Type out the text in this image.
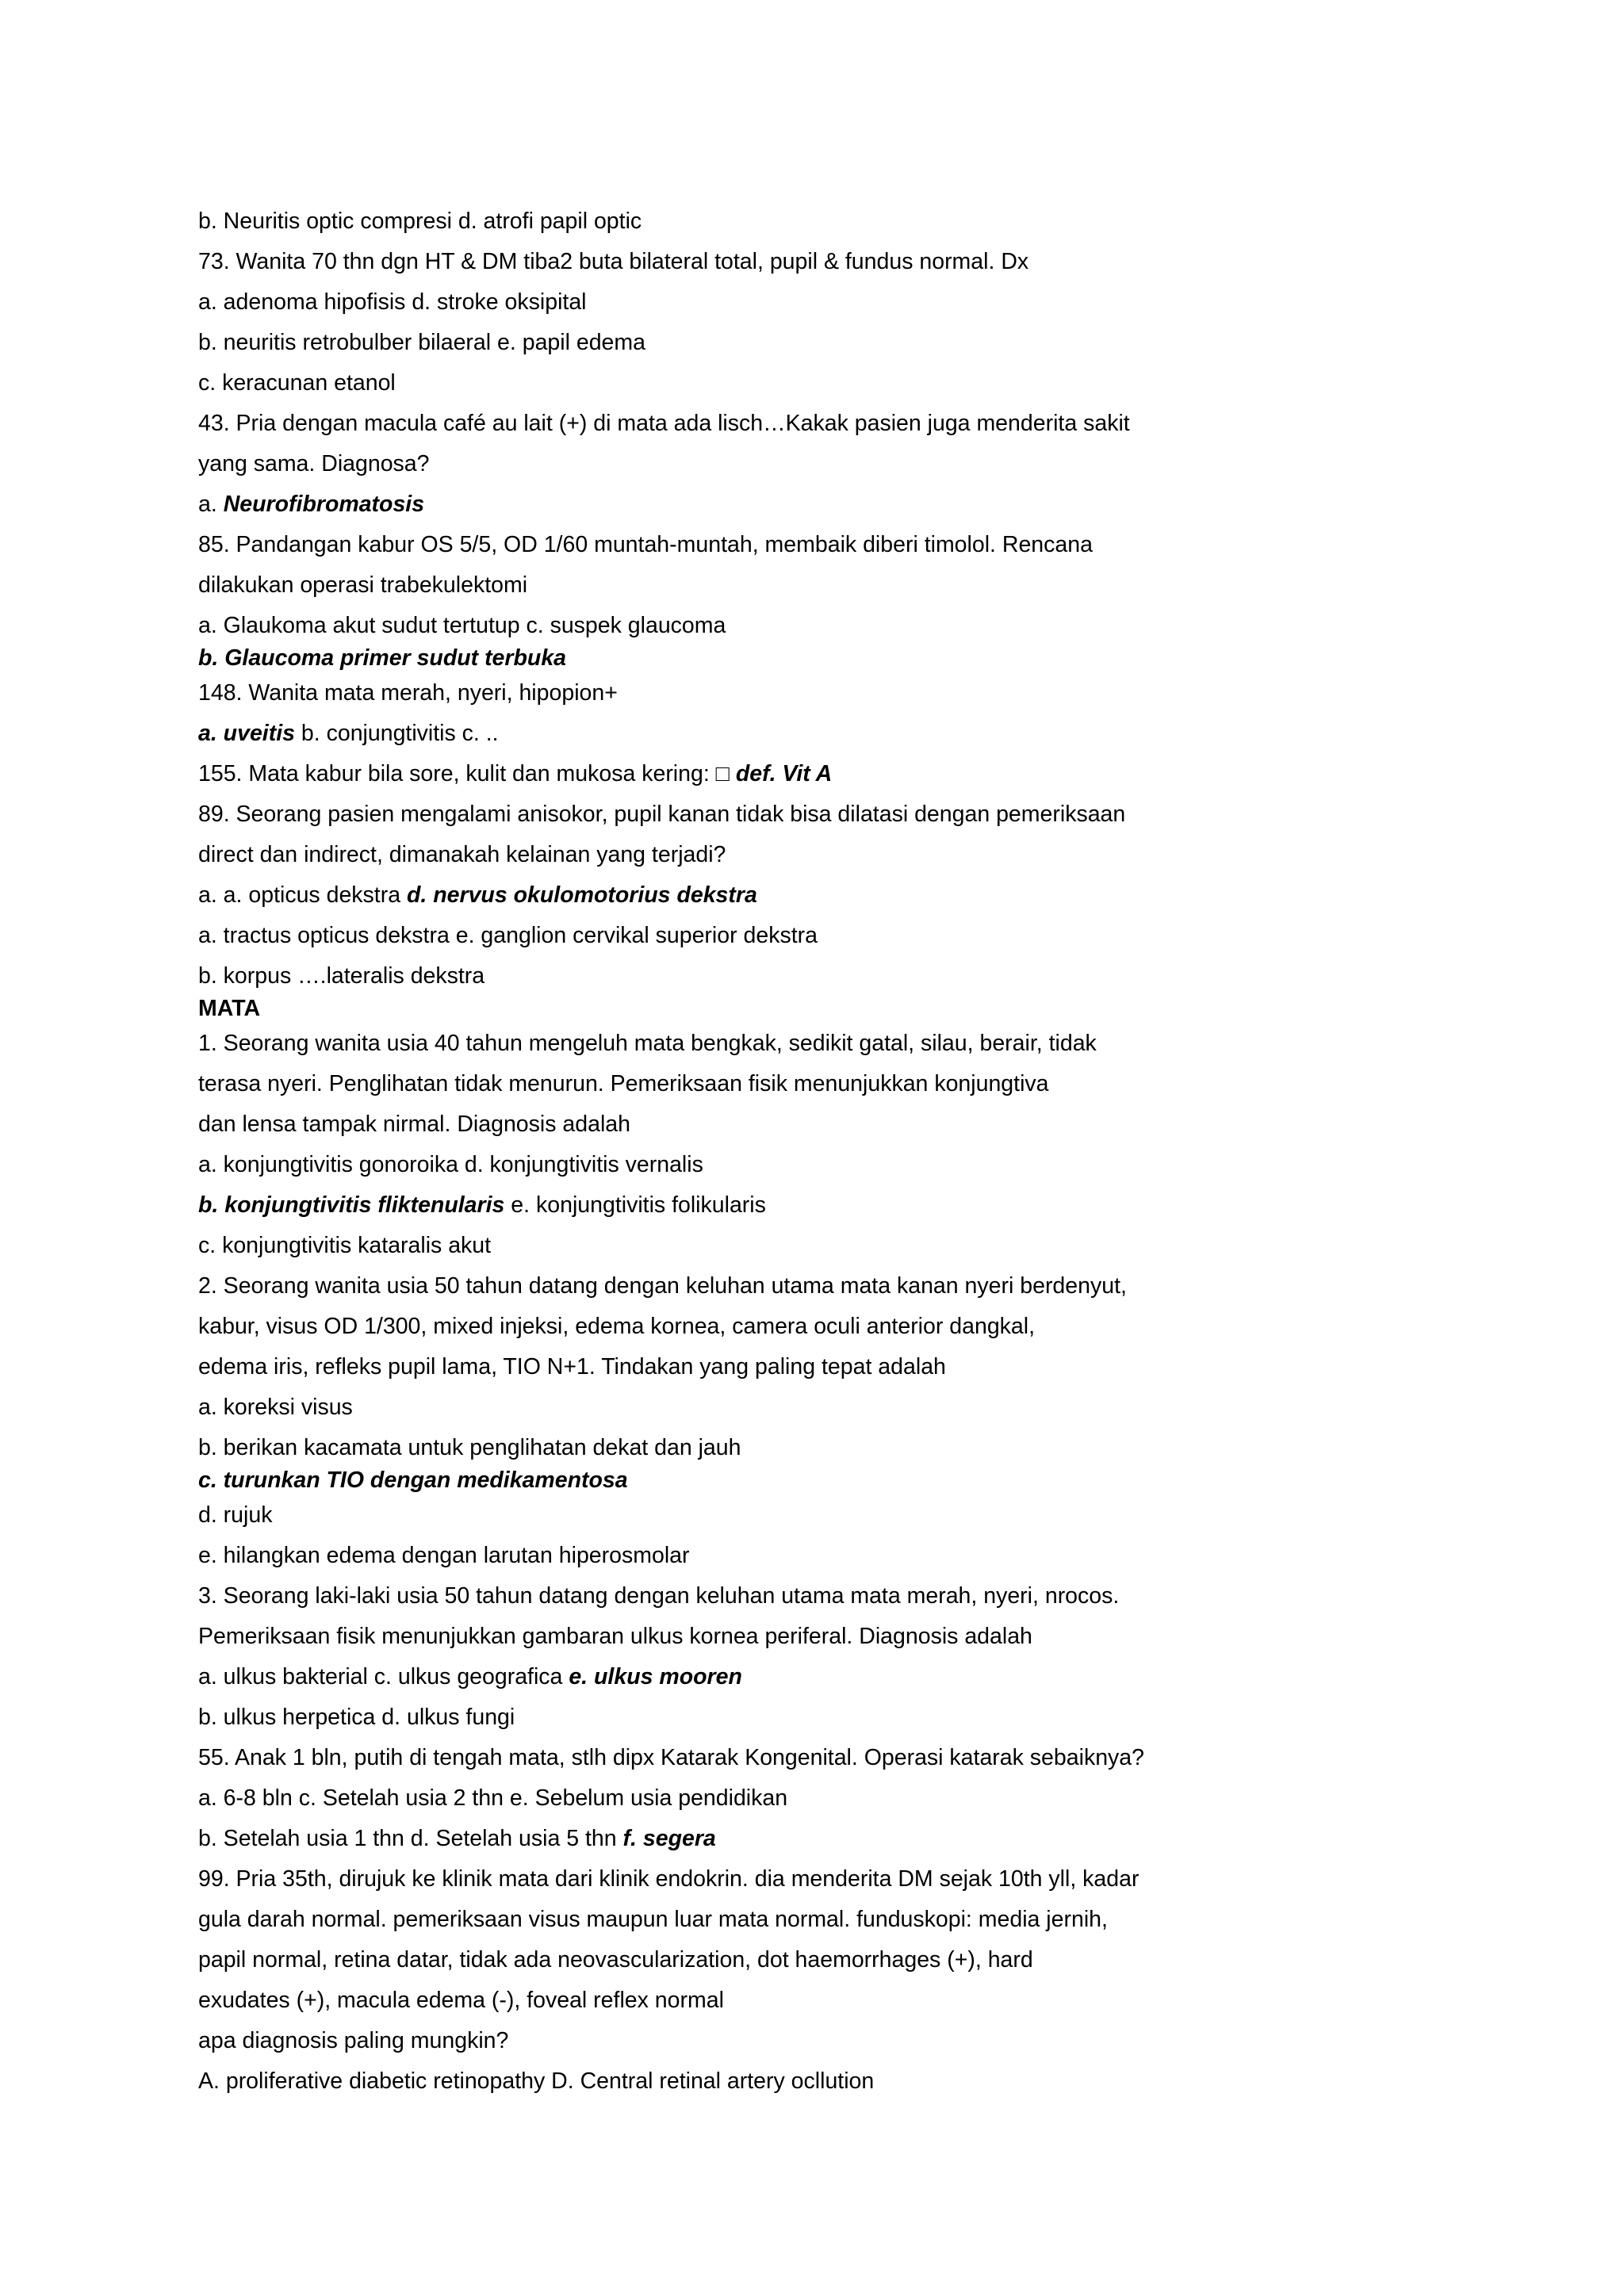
b. Neuritis optic compresi d. atrofi papil optic
73. Wanita 70 thn dgn HT & DM tiba2 buta bilateral total, pupil & fundus normal. Dx
a. adenoma hipofisis d. stroke oksipital
b. neuritis retrobulber bilaeral e. papil edema
c. keracunan etanol
43. Pria dengan macula café au lait (+) di mata ada lisch…Kakak pasien juga menderita sakit
yang sama. Diagnosa?
a. Neurofibromatosis
85. Pandangan kabur OS 5/5, OD 1/60 muntah-muntah, membaik diberi timolol. Rencana
dilakukan operasi trabekulektomi
a. Glaukoma akut sudut tertutup c. suspek glaucoma
b. Glaucoma primer sudut terbuka
148. Wanita mata merah, nyeri, hipopion+
a. uveitis b. conjungtivitis c. ..
155. Mata kabur bila sore, kulit dan mukosa kering: □ def. Vit A
89. Seorang pasien mengalami anisokor, pupil kanan tidak bisa dilatasi dengan pemeriksaan
direct dan indirect, dimanakah kelainan yang terjadi?
a. a. opticus dekstra d. nervus okulomotorius dekstra
a. tractus opticus dekstra e. ganglion cervikal superior dekstra
b. korpus ….lateralis dekstra
MATA
1. Seorang wanita usia 40 tahun mengeluh mata bengkak, sedikit gatal, silau, berair, tidak
terasa nyeri. Penglihatan tidak menurun. Pemeriksaan fisik menunjukkan konjungtiva
dan lensa tampak nirmal. Diagnosis adalah
a. konjungtivitis gonoroika d. konjungtivitis vernalis
b. konjungtivitis fliktenularis e. konjungtivitis folikularis
c. konjungtivitis kataralis akut
2. Seorang wanita usia 50 tahun datang dengan keluhan utama mata kanan nyeri berdenyut,
kabur, visus OD 1/300, mixed injeksi, edema kornea, camera oculi anterior dangkal,
edema iris, refleks pupil lama, TIO N+1. Tindakan yang paling tepat adalah
a. koreksi visus
b. berikan kacamata untuk penglihatan dekat dan jauh
c. turunkan TIO dengan medikamentosa
d. rujuk
e. hilangkan edema dengan larutan hiperosmolar
3. Seorang laki-laki usia 50 tahun datang dengan keluhan utama mata merah, nyeri, nrocos.
Pemeriksaan fisik menunjukkan gambaran ulkus kornea periferal. Diagnosis adalah
a. ulkus bakterial c. ulkus geografica e. ulkus mooren
b. ulkus herpetica d. ulkus fungi
55. Anak 1 bln, putih di tengah mata, stlh dipx Katarak Kongenital. Operasi katarak sebaiknya?
a. 6-8 bln c. Setelah usia 2 thn e. Sebelum usia pendidikan
b. Setelah usia 1 thn d. Setelah usia 5 thn f. segera
99. Pria 35th, dirujuk ke klinik mata dari klinik endokrin. dia menderita DM sejak 10th yll, kadar
gula darah normal. pemeriksaan visus maupun luar mata normal. funduskopi: media jernih,
papil normal, retina datar, tidak ada neovascularization, dot haemorrhages (+), hard
exudates (+), macula edema (-), foveal reflex normal
apa diagnosis paling mungkin?
A. proliferative diabetic retinopathy D. Central retinal artery ocllution
